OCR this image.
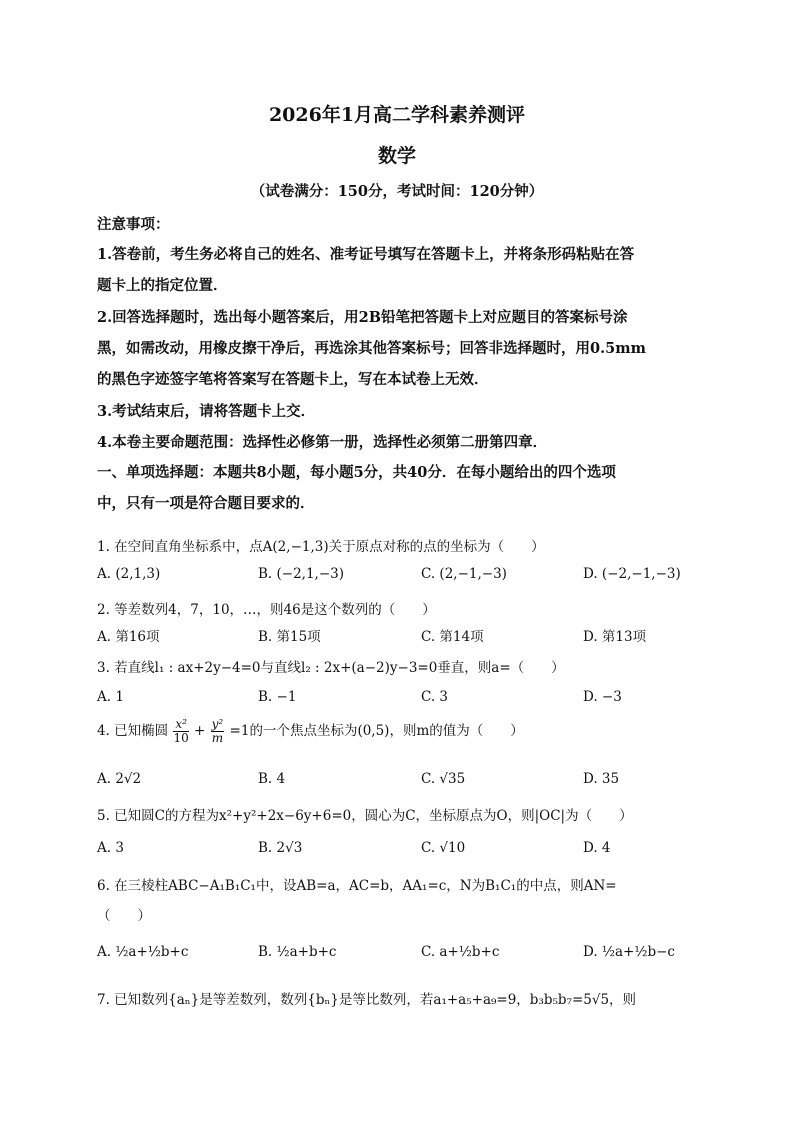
2026年1月高二学科素养测评
数学
（试卷满分：150分，考试时间：120分钟）
注意事项：
1.答卷前，考生务必将自己的姓名、准考证号填写在答题卡上，并将条形码粘贴在答
题卡上的指定位置．
2.回答选择题时，选出每小题答案后，用2B铅笔把答题卡上对应题目的答案标号涂
黑，如需改动，用橡皮擦干净后，再选涂其他答案标号；回答非选择题时，用0.5mm
的黑色字迹签字笔将答案写在答题卡上，写在本试卷上无效．
3.考试结束后，请将答题卡上交．
4.本卷主要命题范围：选择性必修第一册，选择性必须第二册第四章．
一、单项选择题：本题共8小题，每小题5分，共40分．在每小题给出的四个选项
中，只有一项是符合题目要求的．
1. 在空间直角坐标系中，点A(2,−1,3)关于原点对称的点的坐标为（　　）
A. (2,1,3)	B. (−2,1,−3)	C. (2,−1,−3)	D. (−2,−1,−3)
2. 等差数列4，7，10，…，则46是这个数列的（　　）
A. 第16项	B. 第15项	C. 第14项	D. 第13项
3. 若直线l₁ : ax+2y−4=0与直线l₂ : 2x+(a−2)y−3=0垂直，则a=（　　）
A. 1	B. −1	C. 3	D. −3
4. 已知椭圆 $\frac{\text{x²}}{10} + \frac{\text{y²}}{m} =1$的一个焦点坐标为(0,5)，则m的值为（　　）
A. 2√2	B. 4	C. √35	D. 35
5. 已知圆C的方程为x²+y²+2x−6y+6=0，圆心为C，坐标原点为O，则|OC|为（　　）
A. 3	B. 2√3	C. √10	D. 4
6. 在三棱柱ABC−A₁B₁C₁中，设AB=a，AC=b，AA₁=c，N为B₁C₁的中点，则AN=
（　　）
A. ½a+½b+c	B. ½a+b+c	C. a+½b+c	D. ½a+½b−c
7. 已知数列{aₙ}是等差数列，数列{bₙ}是等比数列，若a₁+a₅+a₉=9，b₃b₅b₇=5√5，则
